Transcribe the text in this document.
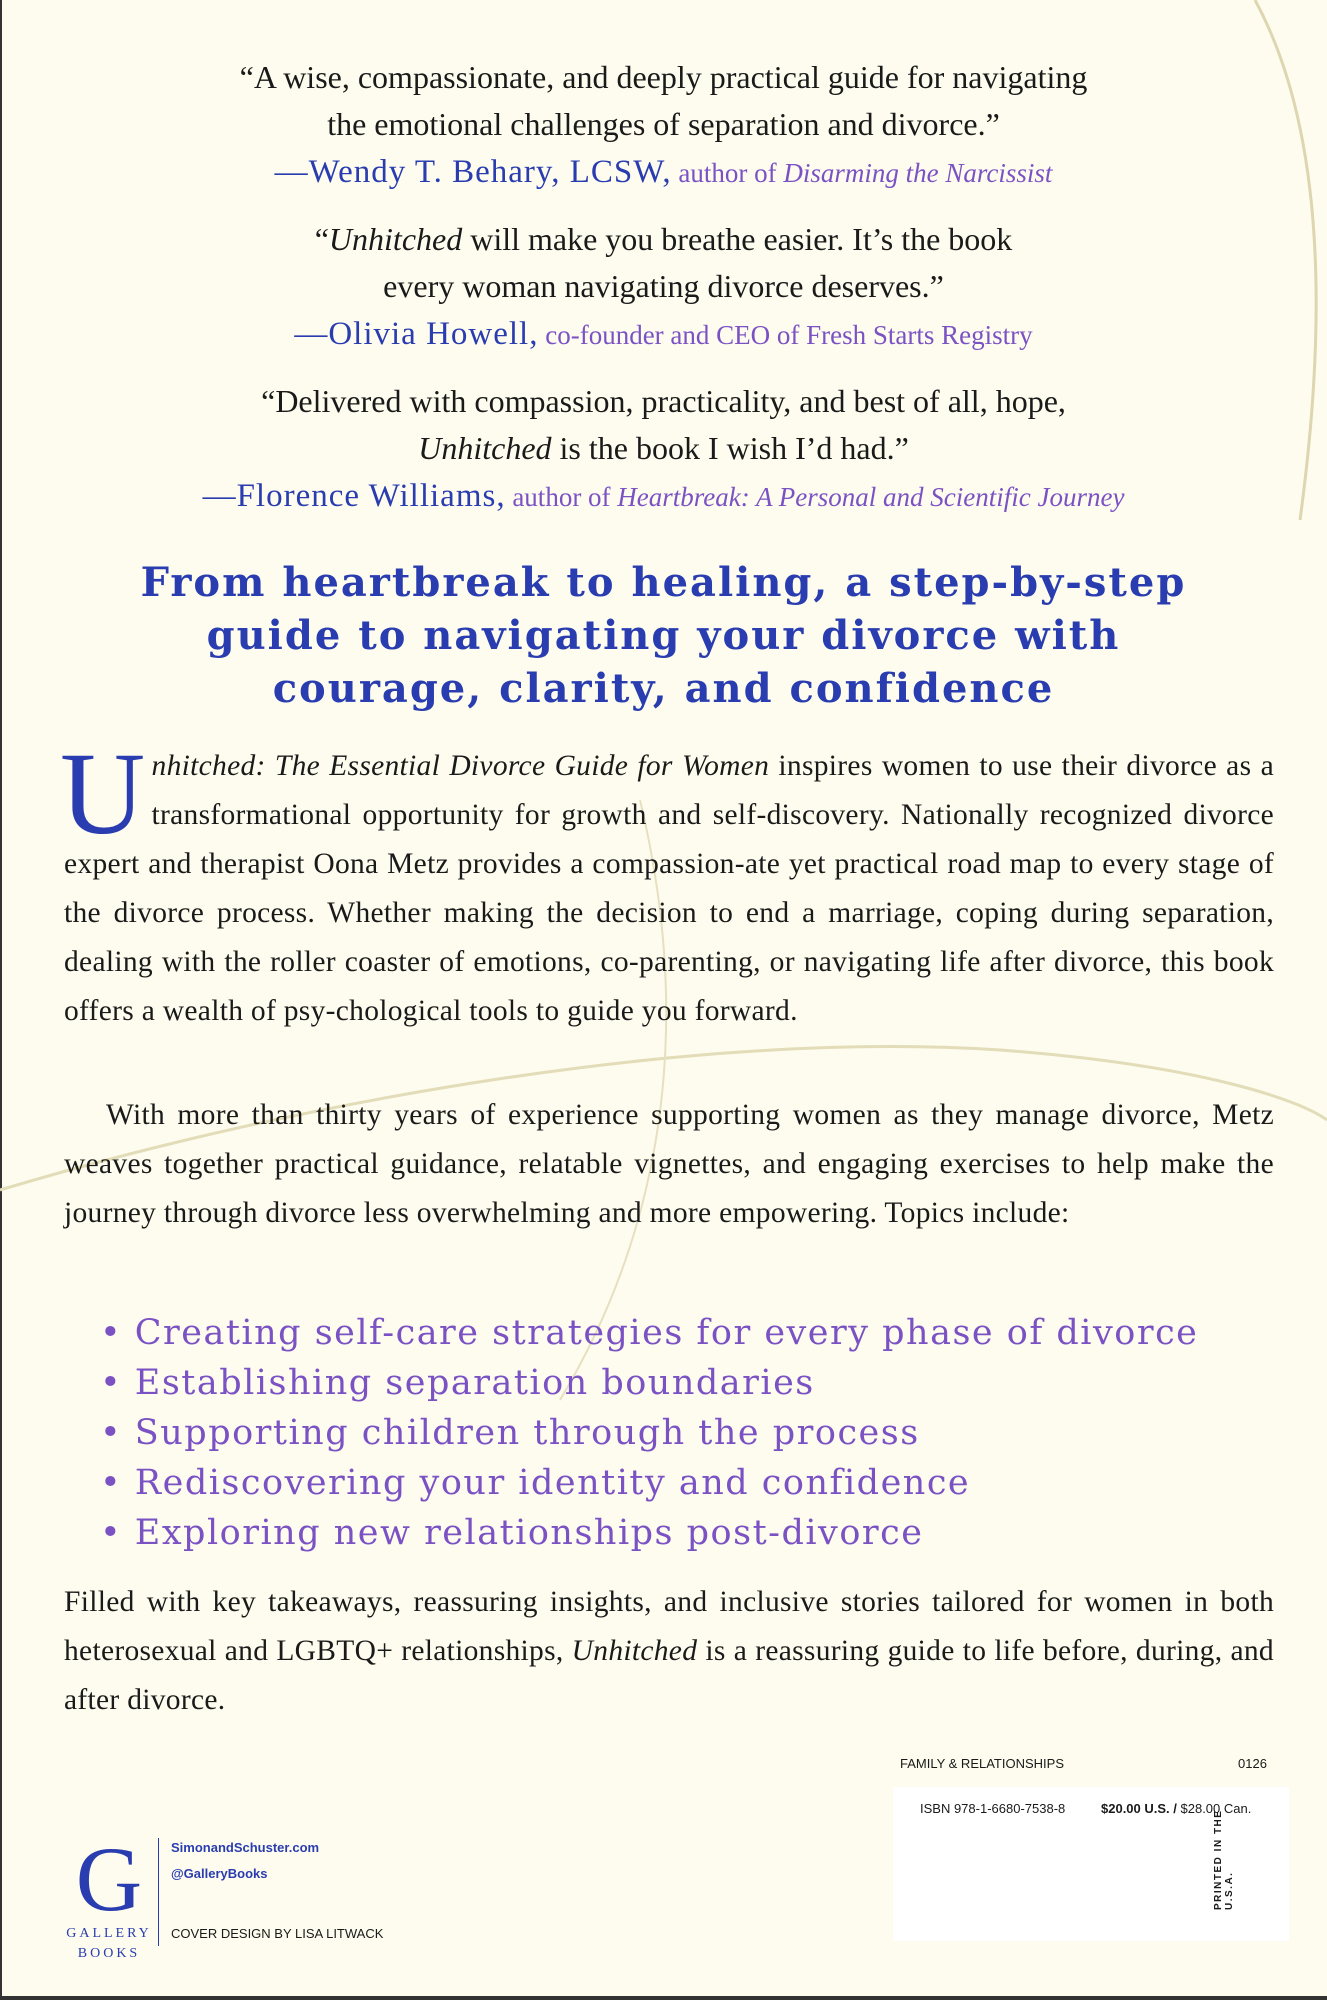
“A wise, compassionate, and deeply practical guide for navigating
the emotional challenges of separation and divorce.”
—Wendy T. Behary, LCSW, author of Disarming the Narcissist
“Unhitched will make you breathe easier. It’s the book
every woman navigating divorce deserves.”
—Olivia Howell, co-founder and CEO of Fresh Starts Registry
“Delivered with compassion, practicality, and best of all, hope,
Unhitched is the book I wish I’d had.”
—Florence Williams, author of Heartbreak: A Personal and Scientific Journey
From heartbreak to healing, a step-by-step
guide to navigating your divorce with
courage, clarity, and confidence
Unhitched: The Essential Divorce Guide for Women inspires women to use their divorce as a transformational opportunity for growth and self-discovery. Nationally recognized divorce expert and therapist Oona Metz provides a compassion-ate yet practical road map to every stage of the divorce process. Whether making the decision to end a marriage, coping during separation, dealing with the roller coaster of emotions, co-parenting, or navigating life after divorce, this book offers a wealth of psy-chological tools to guide you forward.
With more than thirty years of experience supporting women as they manage divorce, Metz weaves together practical guidance, relatable vignettes, and engaging exercises to help make the journey through divorce less overwhelming and more empowering. Topics include:
• Creating self-care strategies for every phase of divorce
• Establishing separation boundaries
• Supporting children through the process
• Rediscovering your identity and confidence
• Exploring new relationships post-divorce
Filled with key takeaways, reassuring insights, and inclusive stories tailored for women in both heterosexual and LGBTQ+ relationships, Unhitched is a reassuring guide to life before, during, and after divorce.
FAMILY & RELATIONSHIPS	0126
ISBN 978-1-6680-7538-8	$20.00 U.S. / $28.00 Can.
PRINTED IN THE U.S.A.
G
GALLERY
BOOKS
SimonandSchuster.com
@GalleryBooks
COVER DESIGN BY LISA LITWACK
